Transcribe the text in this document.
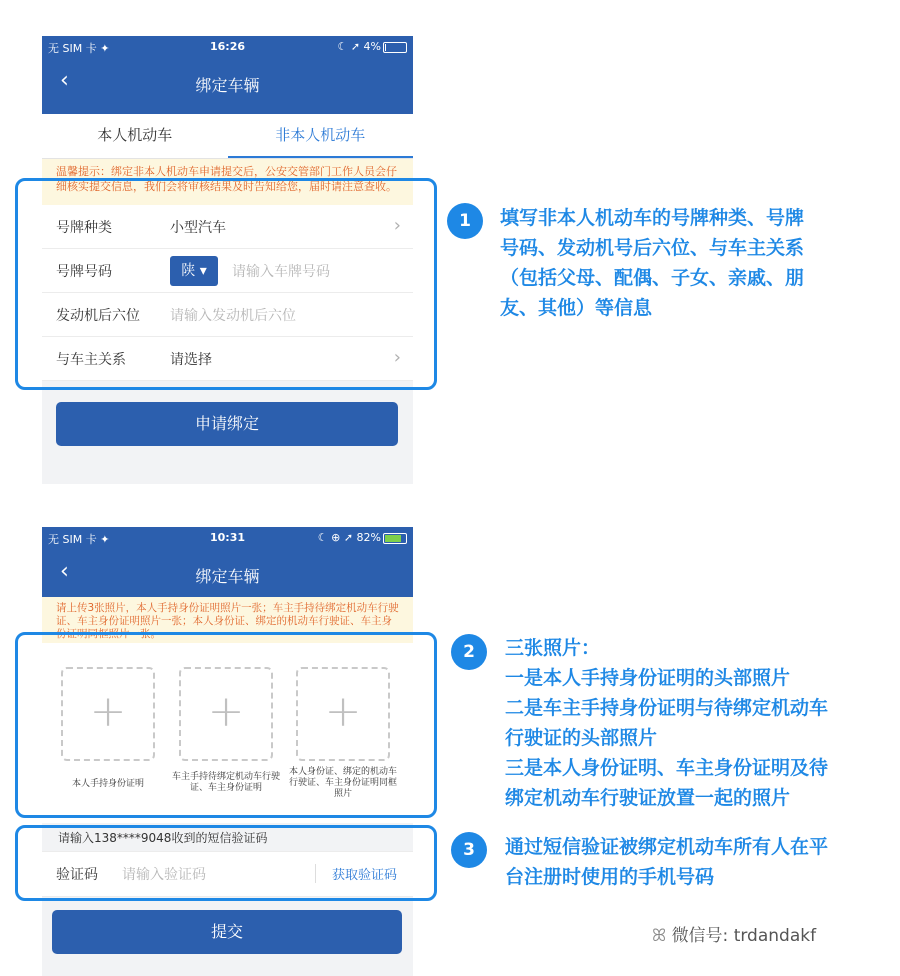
无 SIM 卡 ✦	16:26	☾ ➚ 4%
‹	绑定车辆
本人机动车	非本人机动车
温馨提示：绑定非本人机动车申请提交后，公安交管部门工作人员会仔细核实提交信息，我们会将审核结果及时告知给您，届时请注意查收。
号牌种类	小型汽车	›
号牌号码	陕 ▾	请输入车牌号码
发动机后六位 请输入发动机后六位
与车主关系	请选择	›
申请绑定
1	填写非本人机动车的号牌种类、号牌
号码、发动机号后六位、与车主关系
（包括父母、配偶、子女、亲戚、朋
友、其他）等信息
无 SIM 卡 ✦	10:31	☾ ⊕ ➚ 82%
‹	绑定车辆
请上传3张照片，本人手持身份证明照片一张；车主手持待绑定机动车行驶证、车主身份证明照片一张；本人身份证、绑定的机动车行驶证、车主身份证明同框照片一张。
+	+	+
本人手持身份证明
车主手持待绑定机动车行驶证、车主身份证明
本人身份证、绑定的机动车行驶证、车主身份证明同框照片
请输入138****9048收到的短信验证码
验证码 请输入验证码	获取验证码
提交
2	三张照片：
一是本人手持身份证明的头部照片
二是车主手持身份证明与待绑定机动车
行驶证的头部照片
三是本人身份证明、车主身份证明及待
绑定机动车行驶证放置一起的照片
3	通过短信验证被绑定机动车所有人在平
台注册时使用的手机号码
ꕤ 微信号: trdandakf
